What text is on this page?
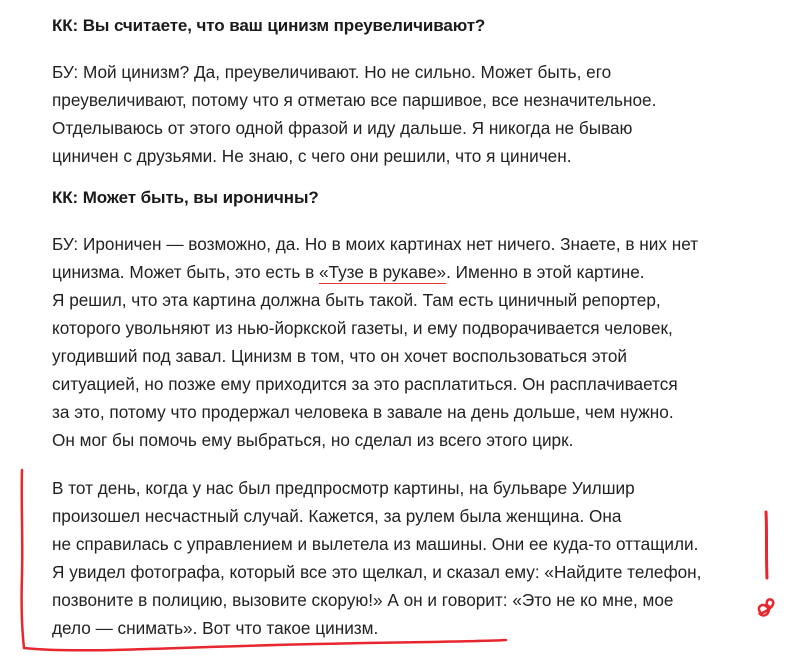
КК: Вы считаете, что ваш цинизм преувеличивают?
БУ: Мой цинизм? Да, преувеличивают. Но не сильно. Может быть, его
преувеличивают, потому что я отметаю все паршивое, все незначительное.
Отделываюсь от этого одной фразой и иду дальше. Я никогда не бываю
циничен с друзьями. Не знаю, с чего они решили, что я циничен.
КК: Может быть, вы ироничны?
БУ: Ироничен — возможно, да. Но в моих картинах нет ничего. Знаете, в них нет
цинизма. Может быть, это есть в «Тузе в рукаве». Именно в этой картине.
Я решил, что эта картина должна быть такой. Там есть циничный репортер,
которого увольняют из нью-йоркской газеты, и ему подворачивается человек,
угодивший под завал. Цинизм в том, что он хочет воспользоваться этой
ситуацией, но позже ему приходится за это расплатиться. Он расплачивается
за это, потому что продержал человека в завале на день дольше, чем нужно.
Он мог бы помочь ему выбраться, но сделал из всего этого цирк.
В тот день, когда у нас был предпросмотр картины, на бульваре Уилшир
произошел несчастный случай. Кажется, за рулем была женщина. Она
не справилась с управлением и вылетела из машины. Они ее куда-то оттащили.
Я увидел фотографа, который все это щелкал, и сказал ему: «Найдите телефон,
позвоните в полицию, вызовите скорую!» А он и говорит: «Это не ко мне, мое
дело — снимать». Вот что такое цинизм.
